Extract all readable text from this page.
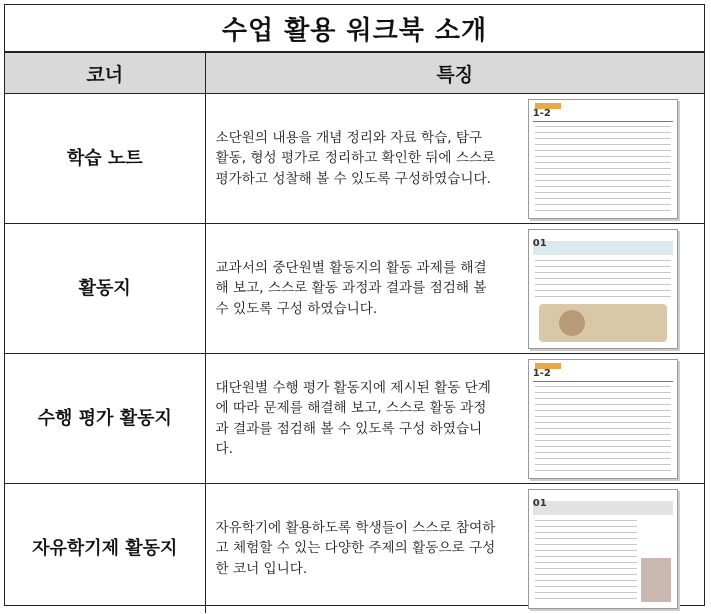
수업 활용 워크북 소개
코너	특징
학습 노트	소단원의 내용을 개념 정리와 자료 학습, 탐구 활동, 형성 평가로 정리하고 확인한 뒤에 스스로 평가하고 성찰해 볼 수 있도록 구성하였습니다.
1-2

활동지	교과서의 중단원별 활동지의 활동 과제를 해결해 보고, 스스로 활동 과정과 결과를 점검해 볼 수 있도록 구성 하였습니다.
01

수행 평가 활동지	대단원별 수행 평가 활동지에 제시된 활동 단계에 따라 문제를 해결해 보고, 스스로 활동 과정과 결과를 점검해 볼 수 있도록 구성 하였습니다.
1-2

자유학기제 활동지	자유학기에 활용하도록 학생들이 스스로 참여하고 체험할 수 있는 다양한 주제의 활동으로 구성한 코너 입니다.
01
